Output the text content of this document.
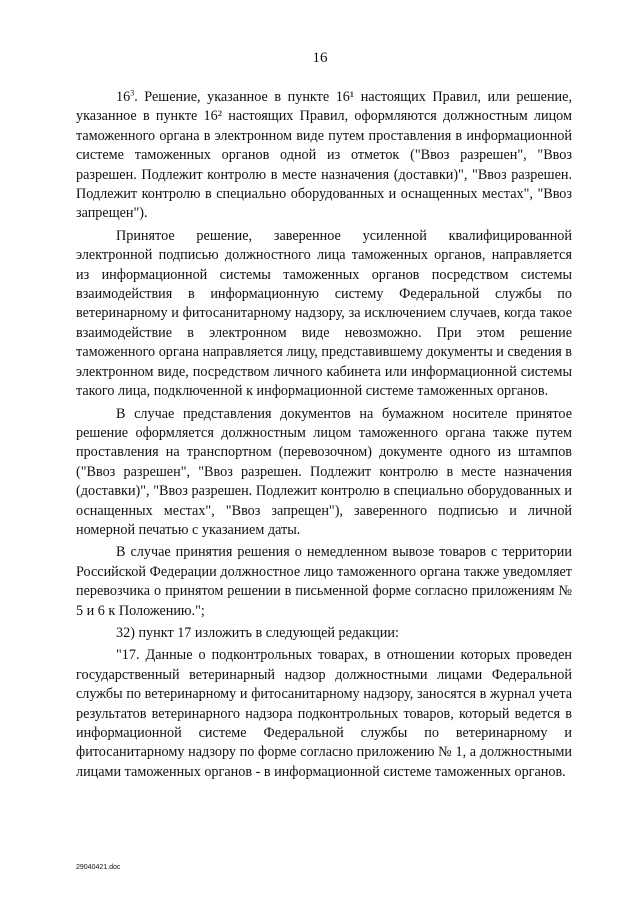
16

$16^3$. Решение, указанное в пункте 16¹ настоящих Правил, или решение, указанное в пункте 16² настоящих Правил, оформляются должностным лицом таможенного органа в электронном виде путем проставления в информационной системе таможенных органов одной из отметок ("Ввоз разрешен", "Ввоз разрешен. Подлежит контролю в месте назначения (доставки)", "Ввоз разрешен. Подлежит контролю в специально оборудованных и оснащенных местах", "Ввоз запрещен").

Принятое решение, заверенное усиленной квалифицированной электронной подписью должностного лица таможенных органов, направляется из информационной системы таможенных органов посредством системы взаимодействия в информационную систему Федеральной службы по ветеринарному и фитосанитарному надзору, за исключением случаев, когда такое взаимодействие в электронном виде невозможно. При этом решение таможенного органа направляется лицу, представившему документы и сведения в электронном виде, посредством личного кабинета или информационной системы такого лица, подключенной к информационной системе таможенных органов.

В случае представления документов на бумажном носителе принятое решение оформляется должностным лицом таможенного органа также путем проставления на транспортном (перевозочном) документе одного из штампов ("Ввоз разрешен", "Ввоз разрешен. Подлежит контролю в месте назначения (доставки)", "Ввоз разрешен. Подлежит контролю в специально оборудованных и оснащенных местах", "Ввоз запрещен"), заверенного подписью и личной номерной печатью с указанием даты.

В случае принятия решения о немедленном вывозе товаров с территории Российской Федерации должностное лицо таможенного органа также уведомляет перевозчика о принятом решении в письменной форме согласно приложениям № 5 и 6 к Положению.";

32) пункт 17 изложить в следующей редакции:

"17. Данные о подконтрольных товарах, в отношении которых проведен государственный ветеринарный надзор должностными лицами Федеральной службы по ветеринарному и фитосанитарному надзору, заносятся в журнал учета результатов ветеринарного надзора подконтрольных товаров, который ведется в информационной системе Федеральной службы по ветеринарному и фитосанитарному надзору по форме согласно приложению № 1, а должностными лицами таможенных органов - в информационной системе таможенных органов.

29040421.doc
